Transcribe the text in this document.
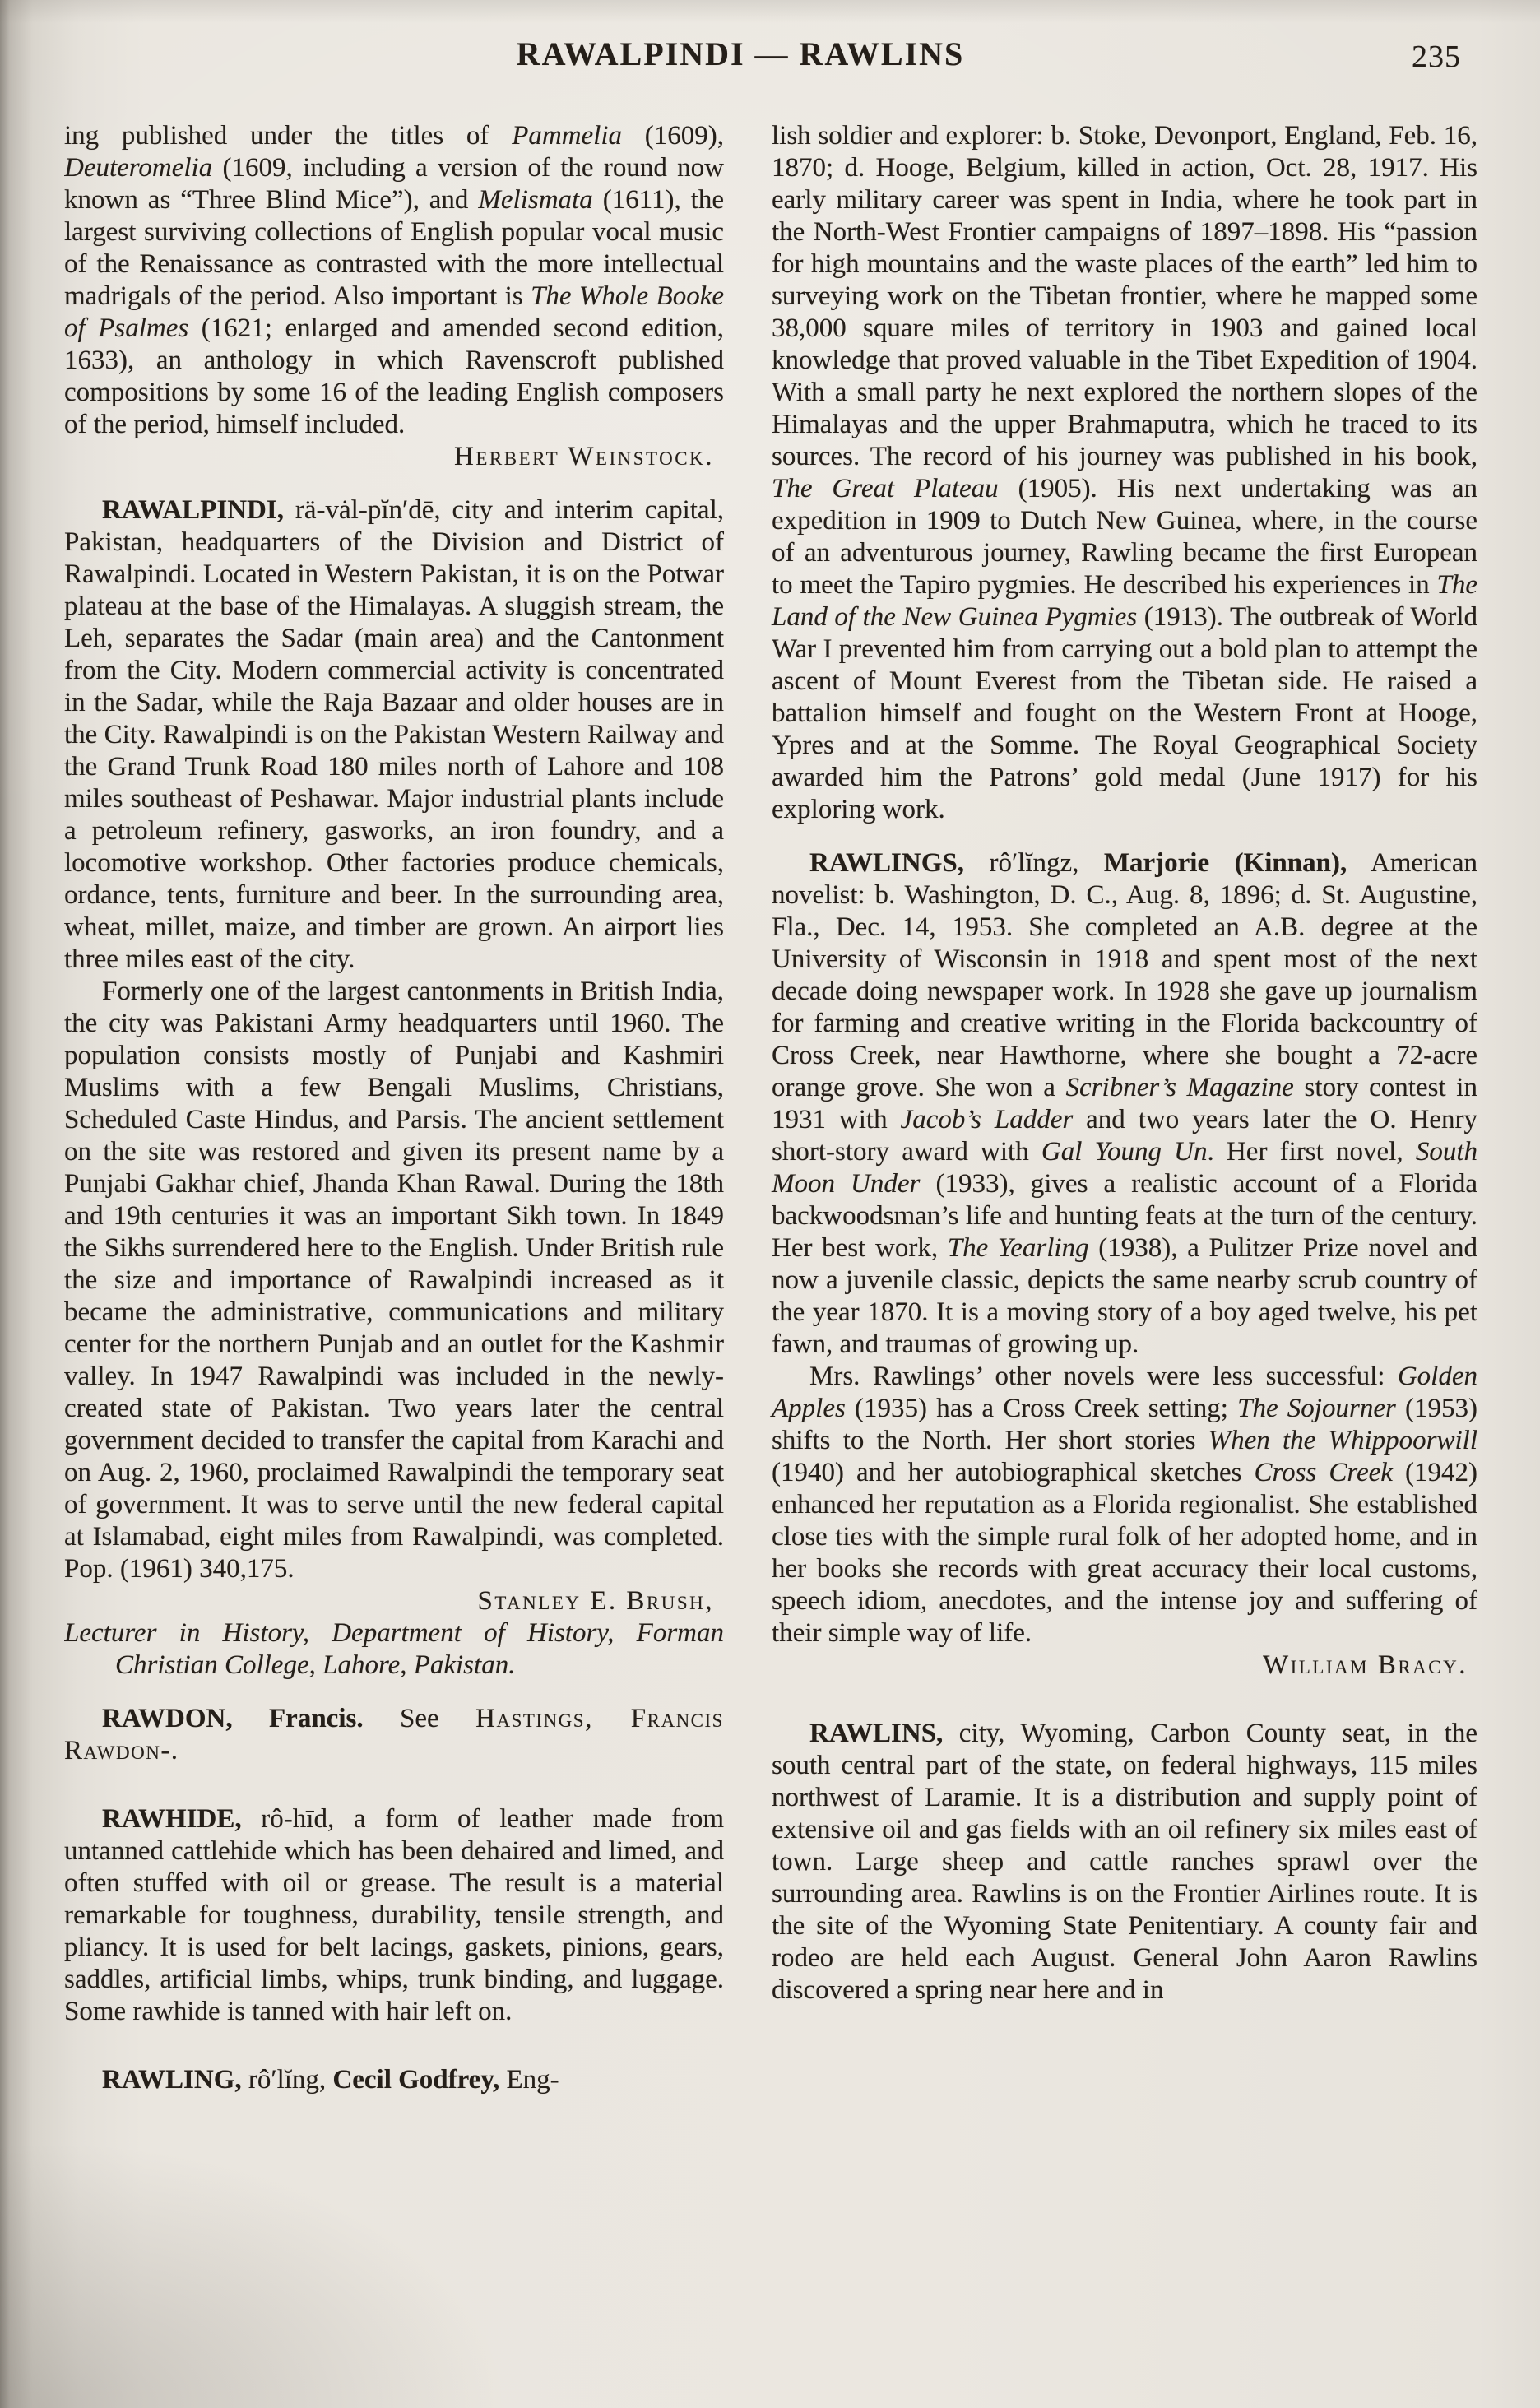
RAWALPINDI — RAWLINS	235
ing published under the titles of Pammelia (1609), Deuteromelia (1609, including a version of the round now known as “Three Blind Mice”), and Melismata (1611), the largest surviving collections of English popular vocal music of the Renaissance as contrasted with the more intellectual madrigals of the period. Also important is The Whole Booke of Psalmes (1621; enlarged and amended second edition, 1633), an anthology in which Ravenscroft published compositions by some 16 of the leading English composers of the period, himself included.
Herbert Weinstock.
RAWALPINDI, rä-vȧl-pĭn′dē, city and interim capital, Pakistan, headquarters of the Division and District of Rawalpindi. Located in Western Pakistan, it is on the Potwar plateau at the base of the Himalayas. A sluggish stream, the Leh, separates the Sadar (main area) and the Cantonment from the City. Modern commercial activity is concentrated in the Sadar, while the Raja Bazaar and older houses are in the City. Rawalpindi is on the Pakistan Western Railway and the Grand Trunk Road 180 miles north of Lahore and 108 miles southeast of Peshawar. Major industrial plants include a petroleum refinery, gasworks, an iron foundry, and a locomotive workshop. Other factories produce chemicals, ordance, tents, furniture and beer. In the surrounding area, wheat, millet, maize, and timber are grown. An airport lies three miles east of the city.
Formerly one of the largest cantonments in British India, the city was Pakistani Army headquarters until 1960. The population consists mostly of Punjabi and Kashmiri Muslims with a few Bengali Muslims, Christians, Scheduled Caste Hindus, and Parsis. The ancient settlement on the site was restored and given its present name by a Punjabi Gakhar chief, Jhanda Khan Rawal. During the 18th and 19th centuries it was an important Sikh town. In 1849 the Sikhs surrendered here to the English. Under British rule the size and importance of Rawalpindi increased as it became the administrative, communications and military center for the northern Punjab and an outlet for the Kashmir valley. In 1947 Rawalpindi was included in the newly-created state of Pakistan. Two years later the central government decided to transfer the capital from Karachi and on Aug. 2, 1960, proclaimed Rawalpindi the temporary seat of government. It was to serve until the new federal capital at Islamabad, eight miles from Rawalpindi, was completed. Pop. (1961) 340,175.
Stanley E. Brush,
Lecturer in History, Department of History, Forman Christian College, Lahore, Pakistan.
RAWDON, Francis. See Hastings, Francis Rawdon-.
RAWHIDE, rô-hīd, a form of leather made from untanned cattlehide which has been dehaired and limed, and often stuffed with oil or grease. The result is a material remarkable for toughness, durability, tensile strength, and pliancy. It is used for belt lacings, gaskets, pinions, gears, saddles, artificial limbs, whips, trunk binding, and luggage. Some rawhide is tanned with hair left on.
RAWLING, rô′lĭng, Cecil Godfrey, Eng-
lish soldier and explorer: b. Stoke, Devonport, England, Feb. 16, 1870; d. Hooge, Belgium, killed in action, Oct. 28, 1917. His early military career was spent in India, where he took part in the North-West Frontier campaigns of 1897–1898. His “passion for high mountains and the waste places of the earth” led him to surveying work on the Tibetan frontier, where he mapped some 38,000 square miles of territory in 1903 and gained local knowledge that proved valuable in the Tibet Expedition of 1904. With a small party he next explored the northern slopes of the Himalayas and the upper Brahmaputra, which he traced to its sources. The record of his journey was published in his book, The Great Plateau (1905). His next undertaking was an expedition in 1909 to Dutch New Guinea, where, in the course of an adventurous journey, Rawling became the first European to meet the Tapiro pygmies. He described his experiences in The Land of the New Guinea Pygmies (1913). The outbreak of World War I prevented him from carrying out a bold plan to attempt the ascent of Mount Everest from the Tibetan side. He raised a battalion himself and fought on the Western Front at Hooge, Ypres and at the Somme. The Royal Geographical Society awarded him the Patrons’ gold medal (June 1917) for his exploring work.
RAWLINGS, rô′lĭngz, Marjorie (Kinnan), American novelist: b. Washington, D. C., Aug. 8, 1896; d. St. Augustine, Fla., Dec. 14, 1953. She completed an A.B. degree at the University of Wisconsin in 1918 and spent most of the next decade doing newspaper work. In 1928 she gave up journalism for farming and creative writing in the Florida backcountry of Cross Creek, near Hawthorne, where she bought a 72-acre orange grove. She won a Scribner’s Magazine story contest in 1931 with Jacob’s Ladder and two years later the O. Henry short-story award with Gal Young Un. Her first novel, South Moon Under (1933), gives a realistic account of a Florida backwoodsman’s life and hunting feats at the turn of the century. Her best work, The Yearling (1938), a Pulitzer Prize novel and now a juvenile classic, depicts the same nearby scrub country of the year 1870. It is a moving story of a boy aged twelve, his pet fawn, and traumas of growing up.
Mrs. Rawlings’ other novels were less successful: Golden Apples (1935) has a Cross Creek setting; The Sojourner (1953) shifts to the North. Her short stories When the Whippoorwill (1940) and her autobiographical sketches Cross Creek (1942) enhanced her reputation as a Florida regionalist. She established close ties with the simple rural folk of her adopted home, and in her books she records with great accuracy their local customs, speech idiom, anecdotes, and the intense joy and suffering of their simple way of life.
William Bracy.
RAWLINS, city, Wyoming, Carbon County seat, in the south central part of the state, on federal highways, 115 miles northwest of Laramie. It is a distribution and supply point of extensive oil and gas fields with an oil refinery six miles east of town. Large sheep and cattle ranches sprawl over the surrounding area. Rawlins is on the Frontier Airlines route. It is the site of the Wyoming State Penitentiary. A county fair and rodeo are held each August. General John Aaron Rawlins discovered a spring near here and in
